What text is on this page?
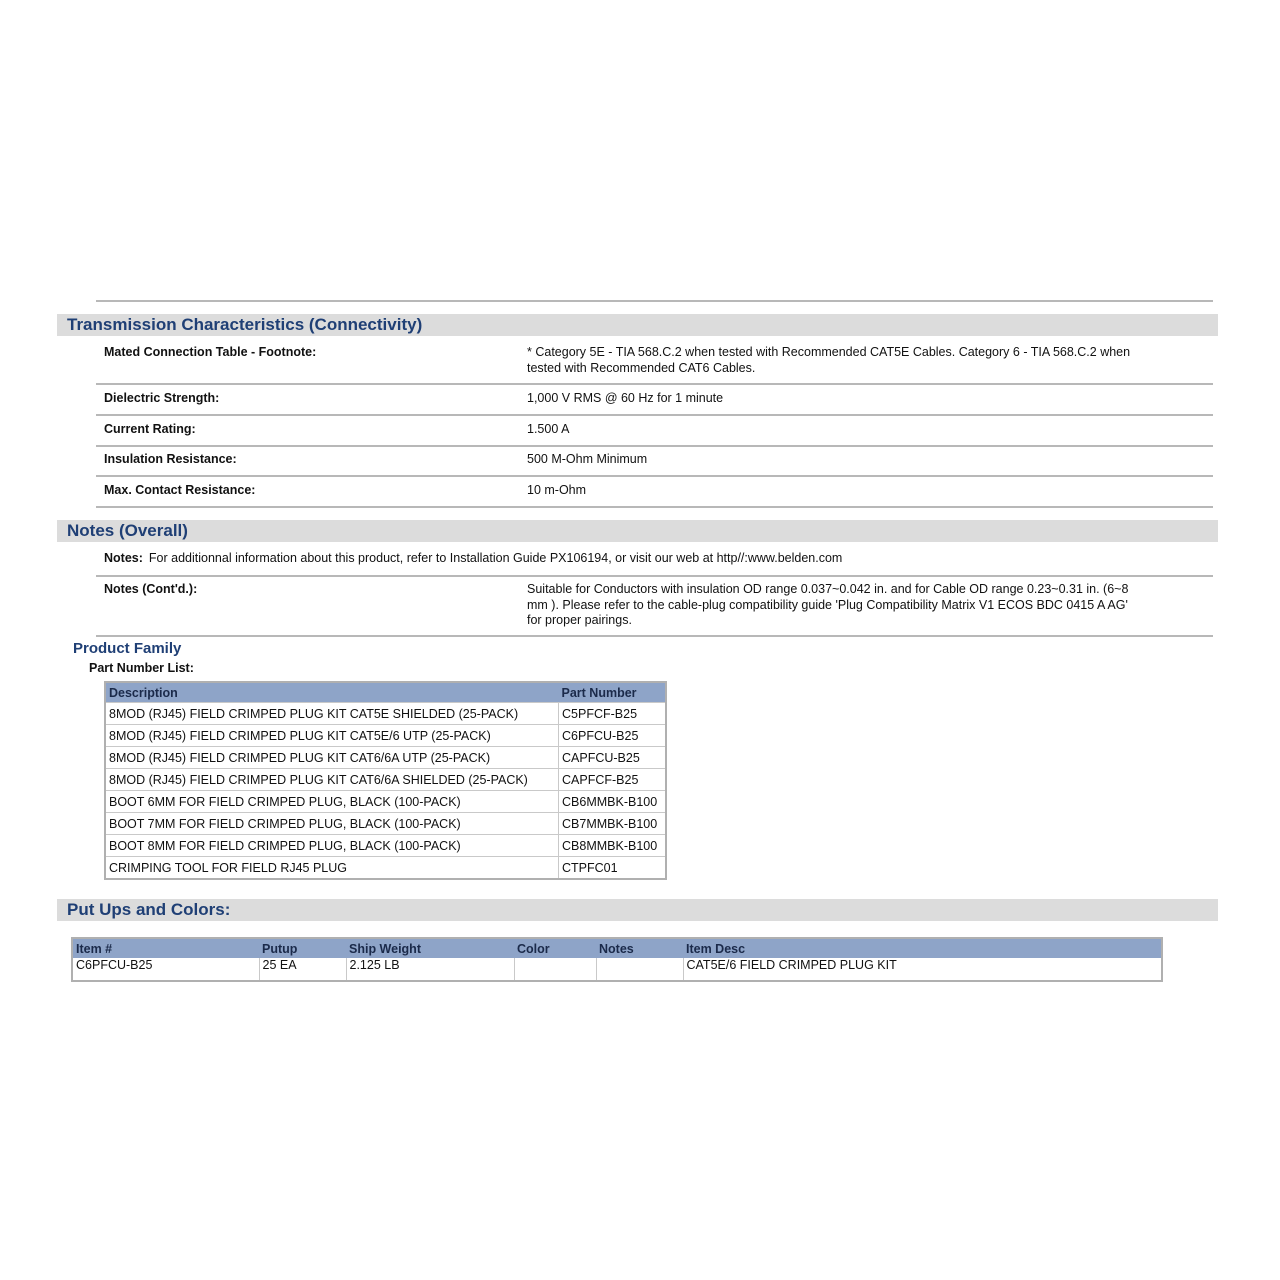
Transmission Characteristics (Connectivity)
Mated Connection Table - Footnote:	* Category 5E - TIA 568.C.2 when tested with Recommended CAT5E Cables. Category 6 - TIA 568.C.2 when tested with Recommended CAT6 Cables.
Dielectric Strength:	1,000 V RMS @ 60 Hz for 1 minute
Current Rating:	1.500 A
Insulation Resistance:	500 M-Ohm Minimum
Max. Contact Resistance:	10 m-Ohm
Notes (Overall)
Notes: For additionnal information about this product, refer to Installation Guide PX106194, or visit our web at http//:www.belden.com
Notes (Cont'd.):	Suitable for Conductors with insulation OD range 0.037~0.042 in. and for Cable OD range 0.23~0.31 in. (6~8 mm ). Please refer to the cable-plug compatibility guide 'Plug Compatibility Matrix V1 ECOS BDC 0415 A AG' for proper pairings.
Product Family
Part Number List:
Description	Part Number
8MOD (RJ45) FIELD CRIMPED PLUG KIT CAT5E SHIELDED (25-PACK)	C5PFCF-B25
8MOD (RJ45) FIELD CRIMPED PLUG KIT CAT5E/6 UTP (25-PACK)	C6PFCU-B25
8MOD (RJ45) FIELD CRIMPED PLUG KIT CAT6/6A UTP (25-PACK)	CAPFCU-B25
8MOD (RJ45) FIELD CRIMPED PLUG KIT CAT6/6A SHIELDED (25-PACK)	CAPFCF-B25
BOOT 6MM FOR FIELD CRIMPED PLUG, BLACK (100-PACK)	CB6MMBK-B100
BOOT 7MM FOR FIELD CRIMPED PLUG, BLACK (100-PACK)	CB7MMBK-B100
BOOT 8MM FOR FIELD CRIMPED PLUG, BLACK (100-PACK)	CB8MMBK-B100
CRIMPING TOOL FOR FIELD RJ45 PLUG	CTPFC01
Put Ups and Colors:
Item #	Putup	Ship Weight	Color	Notes	Item Desc
C6PFCU-B25	25 EA	2.125 LB			CAT5E/6 FIELD CRIMPED PLUG KIT
